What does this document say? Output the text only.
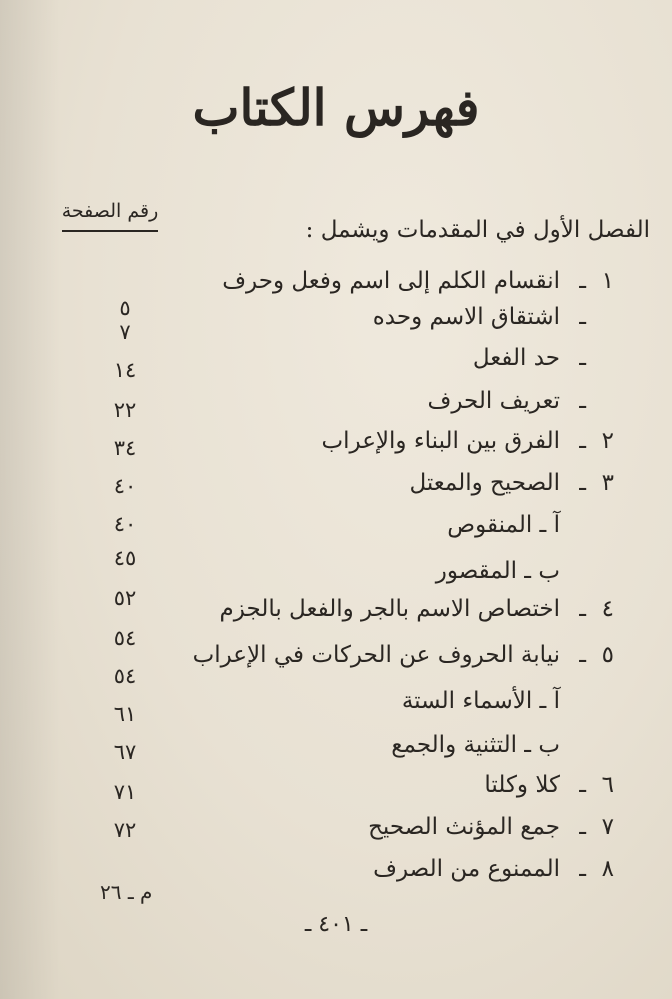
فهرس الكتاب
رقم الصفحة
الفصل الأول في المقدمات ويشمل :
١
ـ
انقسام الكلم إلى اسم وفعل وحرف
٥	ـ
اشتقاق الاسم وحده
٧
ـ
حد الفعل
١٤
ـ
تعريف الحرف
٢٢
٢
ـ
الفرق بين البناء والإعراب
٣٤
٣
ـ
الصحيح والمعتل
٤٠
آ ـ المنقوص
٤٠
ب ـ المقصور
٤٥
٤
ـ
اختصاص الاسم بالجر والفعل بالجزم
٥٢
٥
ـ
نيابة الحروف عن الحركات في الإعراب
٥٤
آ ـ الأسماء الستة
٥٤
ب ـ التثنية والجمع
٦١
٦
ـ
كلا وكلتا
٦٧
٧
ـ
جمع المؤنث الصحيح
٧١
٨
ـ
الممنوع من الصرف
٧٢
م ـ ٢٦
ـ ٤٠١ ـ
